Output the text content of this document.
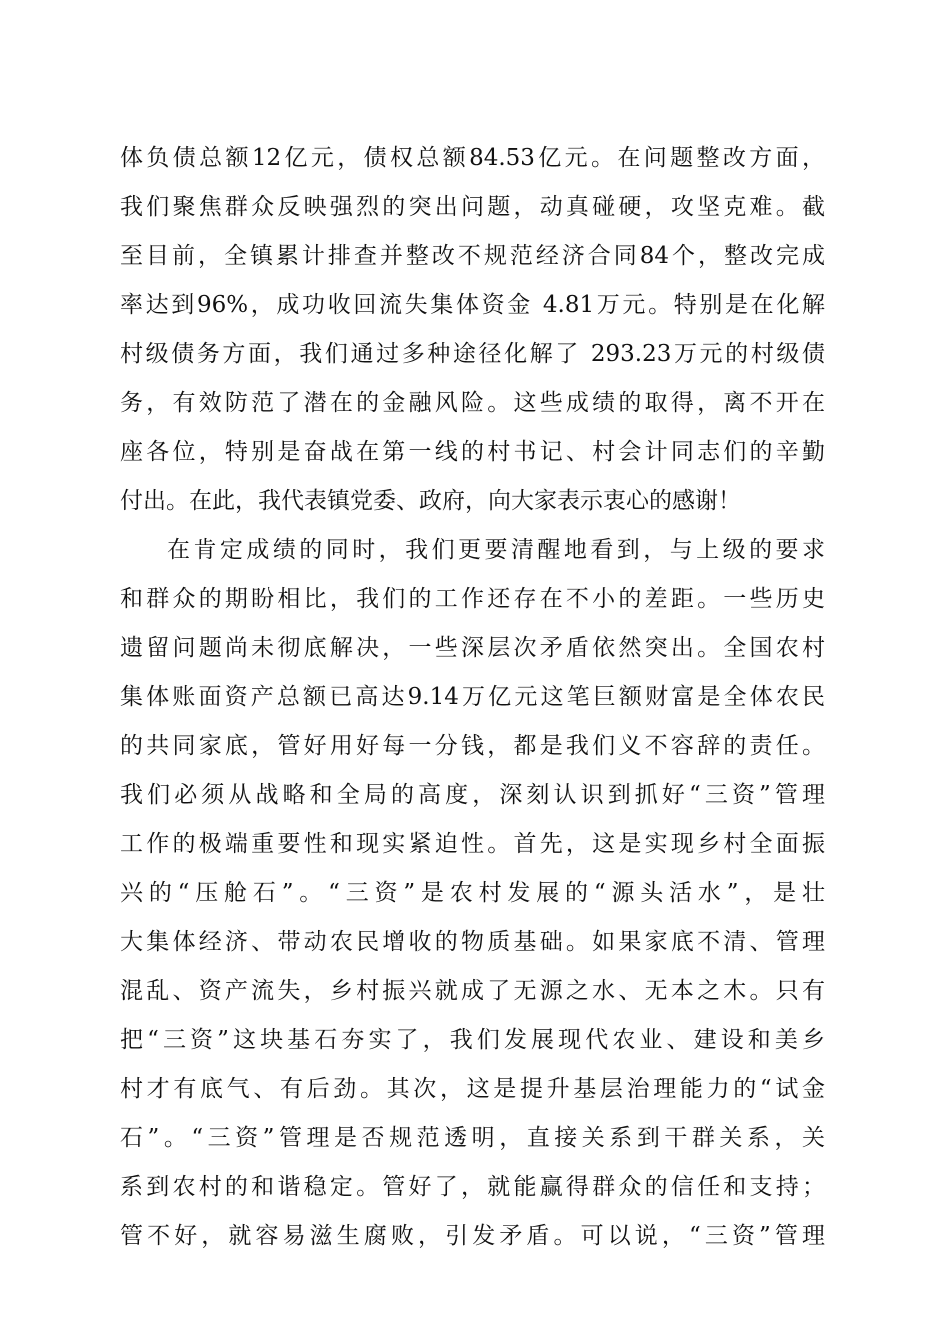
体负债总额12亿元，债权总额84.53亿元。在问题整改方面，
我们聚焦群众反映强烈的突出问题，动真碰硬，攻坚克难。截
至目前，全镇累计排查并整改不规范经济合同84个，整改完成
率达到96%，成功收回流失集体资金 4.81万元。特别是在化解
村级债务方面，我们通过多种途径化解了 293.23万元的村级债
务，有效防范了潜在的金融风险。这些成绩的取得，离不开在
座各位，特别是奋战在第一线的村书记、村会计同志们的辛勤
付出。在此，我代表镇党委、政府，向大家表示衷心的感谢！
在肯定成绩的同时，我们更要清醒地看到，与上级的要求
和群众的期盼相比，我们的工作还存在不小的差距。一些历史
遗留问题尚未彻底解决，一些深层次矛盾依然突出。全国农村
集体账面资产总额已高达9.14万亿元这笔巨额财富是全体农民
的共同家底，管好用好每一分钱，都是我们义不容辞的责任。
我们必须从战略和全局的高度，深刻认识到抓好“三资”管理
工作的极端重要性和现实紧迫性。首先，这是实现乡村全面振
兴的“压舱石”。“三资”是农村发展的“源头活水”，是壮
大集体经济、带动农民增收的物质基础。如果家底不清、管理
混乱、资产流失，乡村振兴就成了无源之水、无本之木。只有
把“三资”这块基石夯实了，我们发展现代农业、建设和美乡
村才有底气、有后劲。其次，这是提升基层治理能力的“试金
石”。“三资”管理是否规范透明，直接关系到干群关系，关
系到农村的和谐稳定。管好了，就能赢得群众的信任和支持；
管不好，就容易滋生腐败，引发矛盾。可以说，“三资”管理
